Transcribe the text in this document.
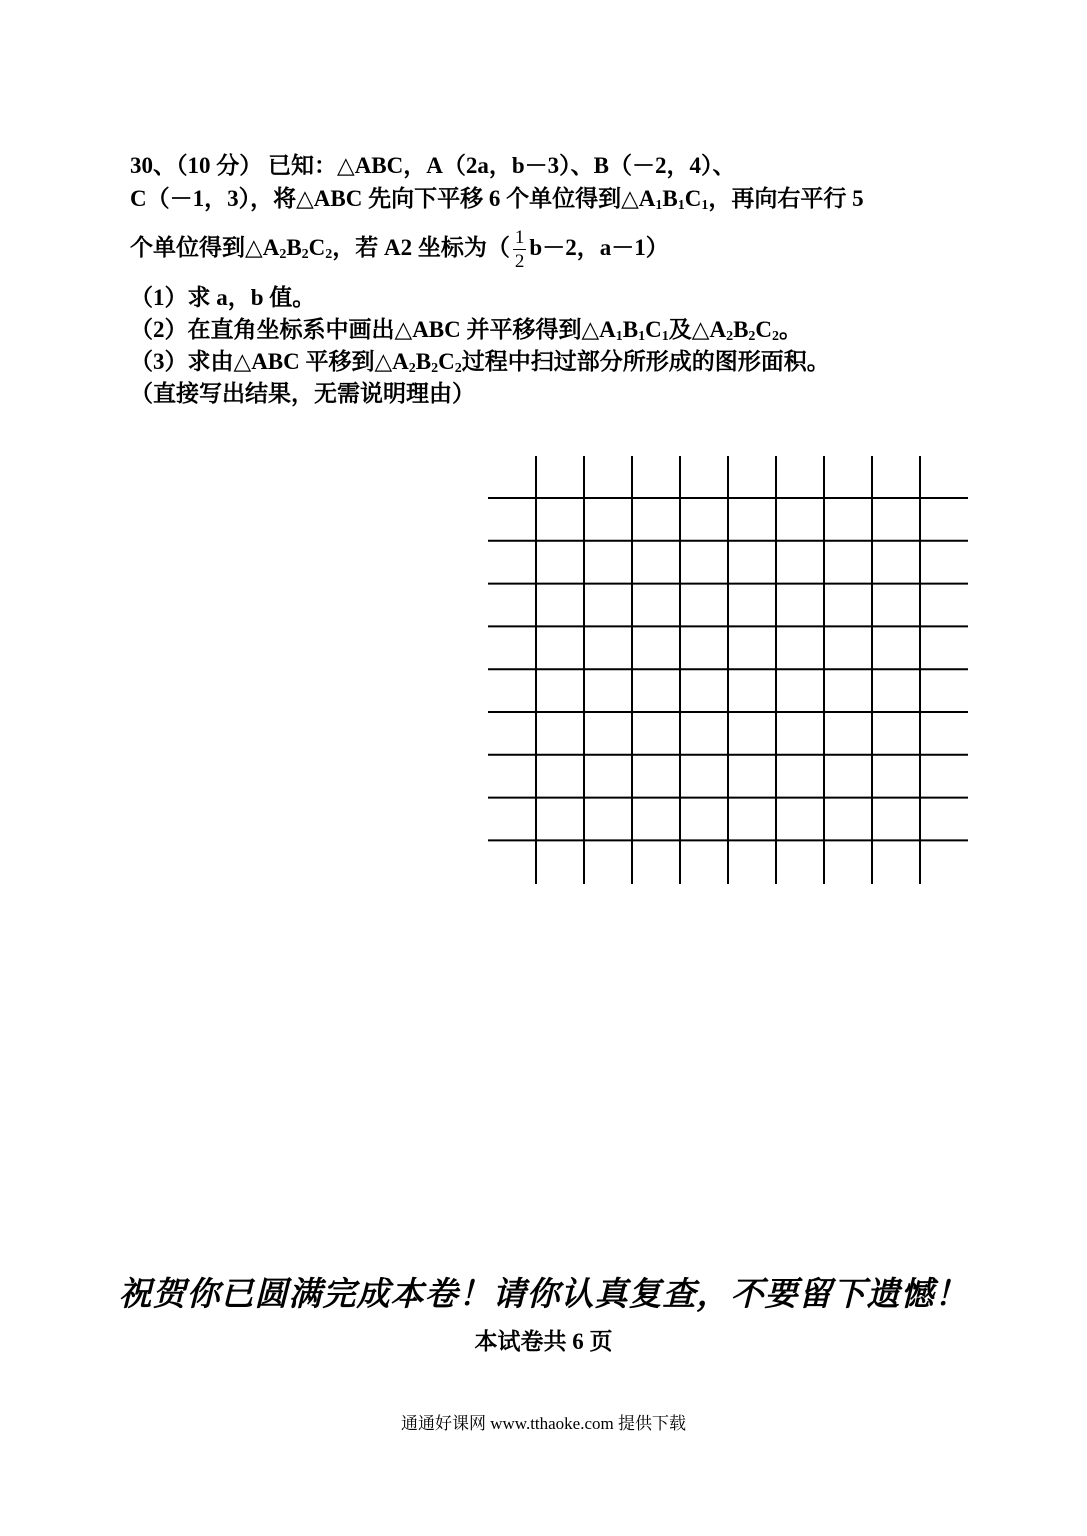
30、（10 分） 已知：△ABC，A（2a，b－3）、B（－2，4）、
C（－1，3），将△ABC 先向下平移 6 个单位得到$\triangle A_1B_1C_1$，再向右平行 5
个单位得到$\triangle A_2B_2C_2$，若 A2 坐标为（ $\frac{1}{2} b-2$，a－1）
（1）求 a，b 值。
（2）在直角坐标系中画出△ABC 并平移得到$\triangle A_1B_1C_1$及$\triangle A_2B_2C_2$。
（3）求由△ABC 平移到$\triangle A_2B_2C_2$过程中扫过部分所形成的图形面积。
（直接写出结果，无需说明理由）
祝贺你已圆满完成本卷！请你认真复查，不要留下遗憾！
本试卷共 6 页
通通好课网 www.tthaoke.com 提供下载
